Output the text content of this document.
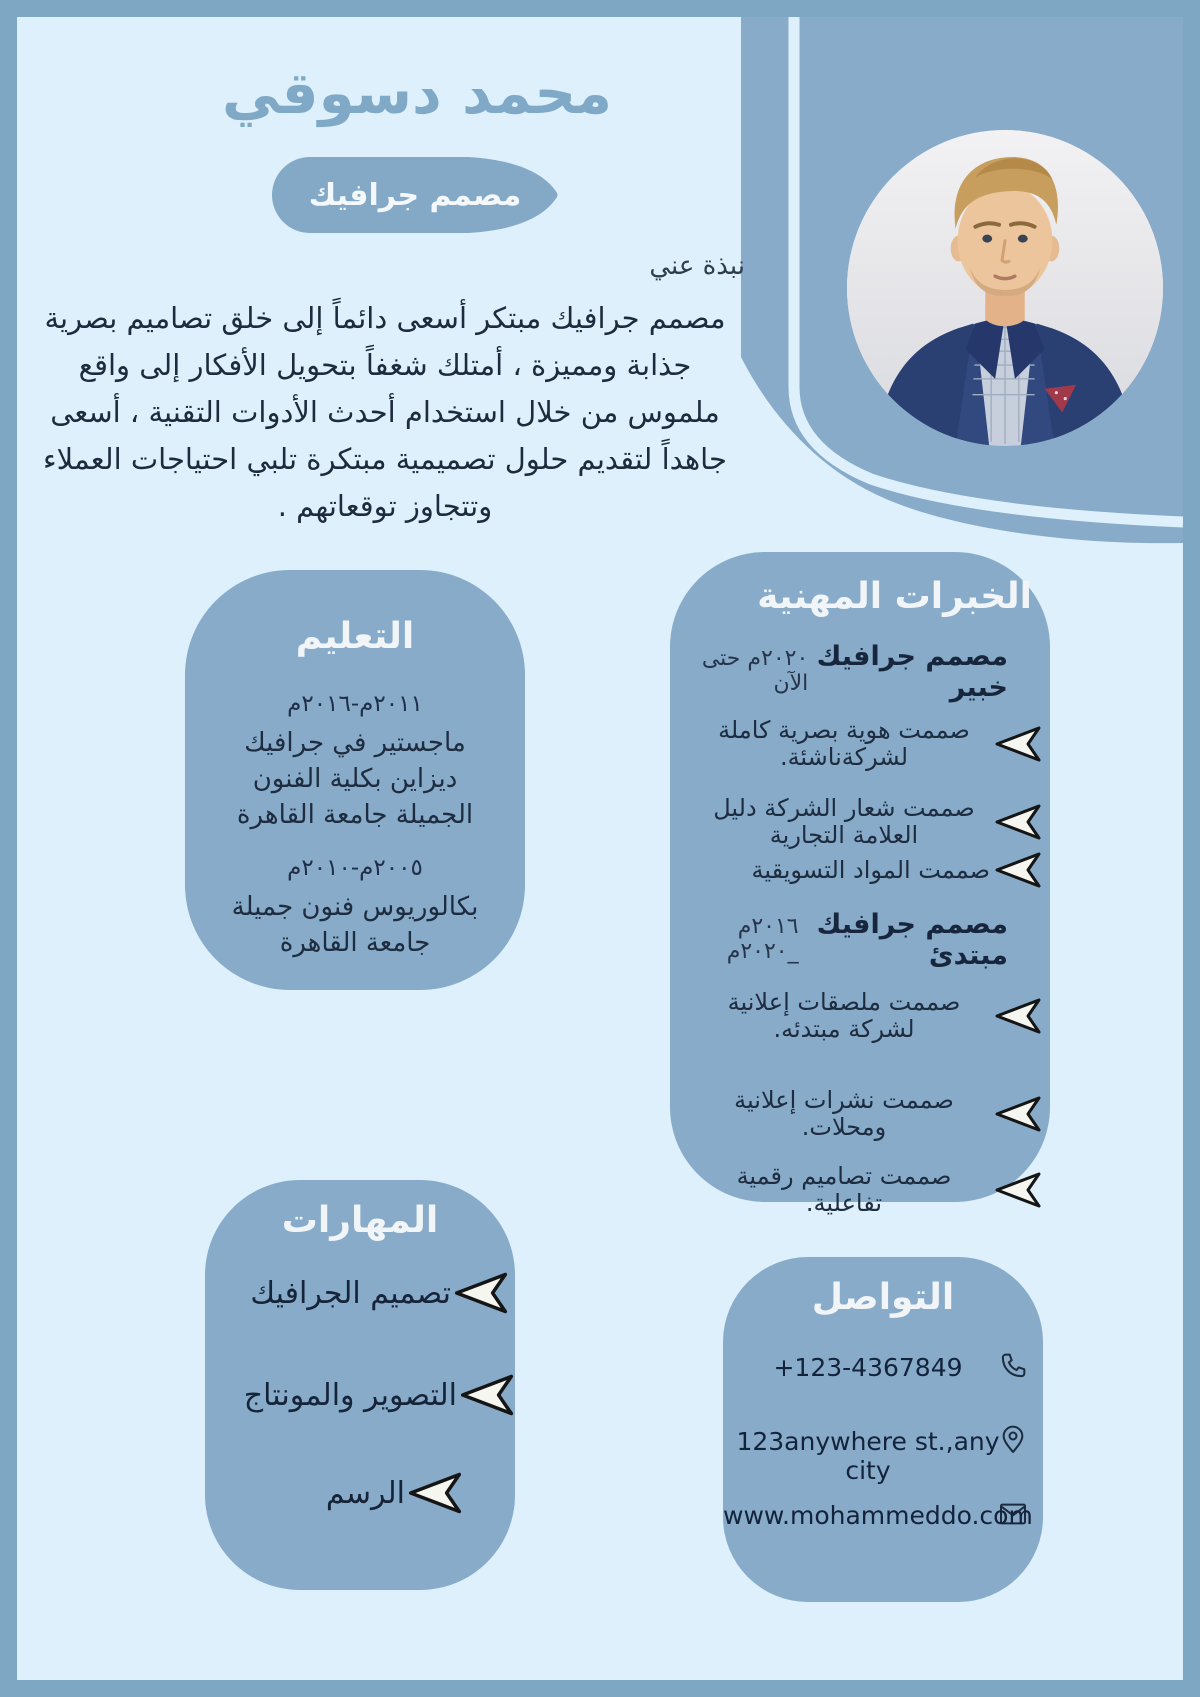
محمد دسوقي
مصمم جرافيك
نبذة عني
مصمم جرافيك مبتكر أسعى دائماً إلى خلق تصاميم بصرية جذابة ومميزة ، أمتلك شغفاً بتحويل الأفكار إلى واقع ملموس من خلال استخدام أحدث الأدوات التقنية ، أسعى جاهداً لتقديم حلول تصميمية مبتكرة تلبي احتياجات العملاء وتتجاوز توقعاتهم .
التعليم
٢٠١١م-٢٠١٦م
ماجستير في جرافيك ديزاين بكلية الفنون الجميلة جامعة القاهرة
٢٠٠٥م-٢٠١٠م
بكالوريوس فنون جميلة جامعة القاهرة
الخبرات المهنية
مصمم جرافيك خبير
٢٠٢٠م حتى الآن
صممت هوية بصرية كاملة لشركةناشئة.
صممت شعار الشركة دليل العلامة التجارية
صممت المواد التسويقية
مصمم جرافيك مبتدئ
٢٠١٦م _٢٠٢٠م
صممت ملصقات إعلانية لشركة مبتدئه.
صممت نشرات إعلانية ومحلات.
صممت تصاميم رقمية تفاعلية.
المهارات
تصميم الجرافيك
التصوير والمونتاج
الرسم
التواصل
+123-4367849
123anywhere st.,any city
www.mohammeddo.com
